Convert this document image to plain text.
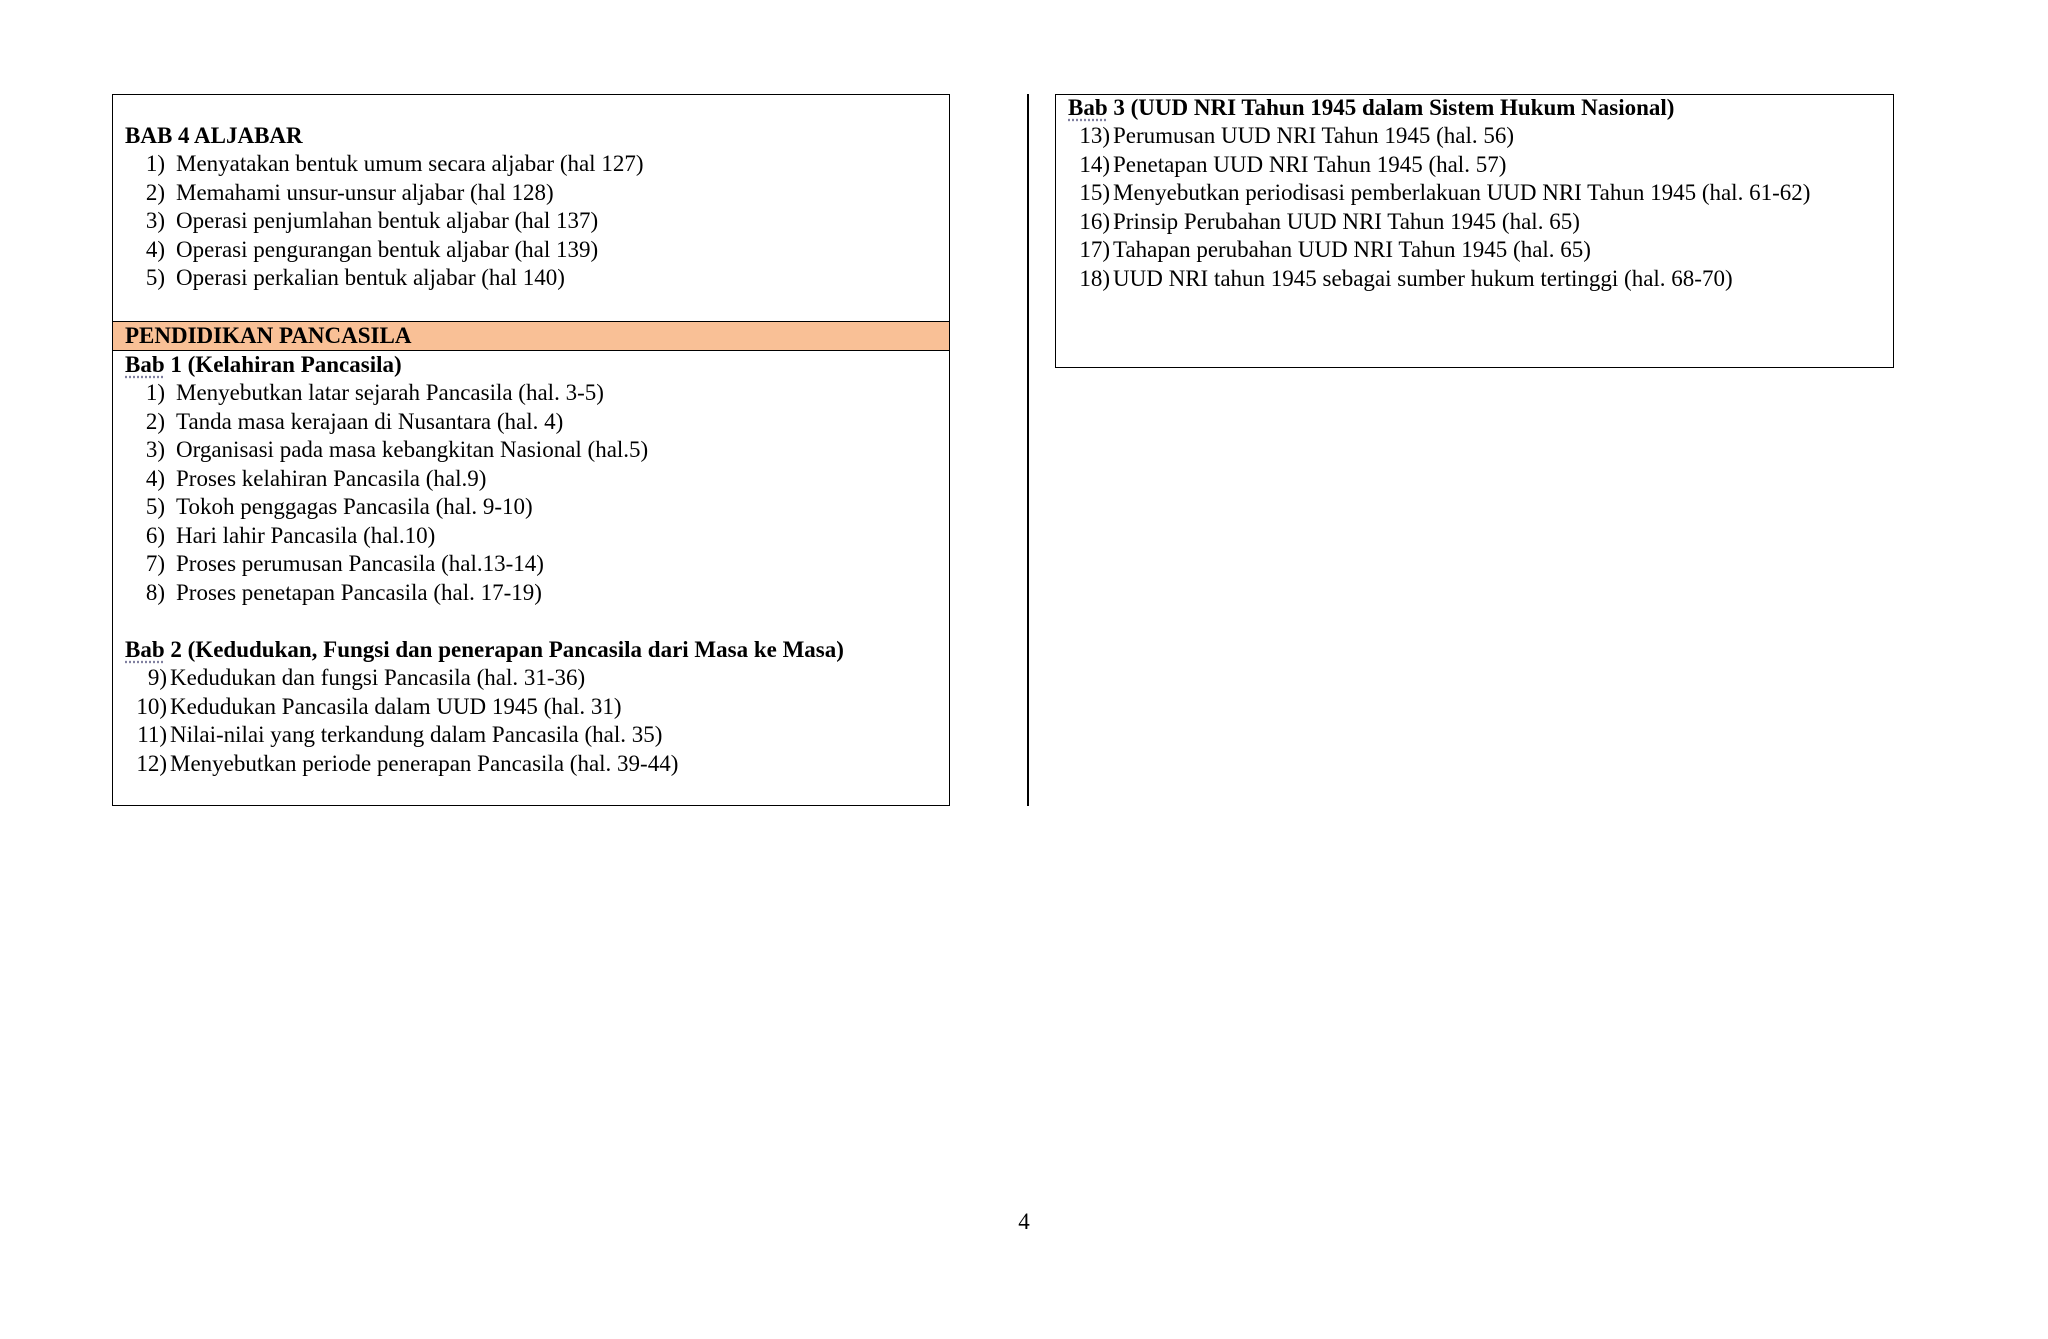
BAB 4 ALJABAR
1) Menyatakan bentuk umum secara aljabar (hal 127)
2) Memahami unsur-unsur aljabar (hal 128)
3) Operasi penjumlahan bentuk aljabar (hal 137)
4) Operasi pengurangan bentuk aljabar (hal 139)
5) Operasi perkalian bentuk aljabar (hal 140)
PENDIDIKAN PANCASILA
Bab 1 (Kelahiran Pancasila)
1) Menyebutkan latar sejarah Pancasila (hal. 3-5)
2) Tanda masa kerajaan di Nusantara (hal. 4)
3) Organisasi pada masa kebangkitan Nasional (hal.5)
4) Proses kelahiran Pancasila (hal.9)
5) Tokoh penggagas Pancasila (hal. 9-10)
6) Hari lahir Pancasila (hal.10)
7) Proses perumusan Pancasila (hal.13-14)
8) Proses penetapan Pancasila (hal. 17-19)
Bab 2 (Kedudukan, Fungsi dan penerapan Pancasila dari Masa ke Masa)
9) Kedudukan dan fungsi Pancasila (hal. 31-36)
10) Kedudukan Pancasila dalam UUD 1945 (hal. 31)
11) Nilai-nilai yang terkandung dalam Pancasila (hal. 35)
12) Menyebutkan periode penerapan Pancasila (hal. 39-44)
Bab 3 (UUD NRI Tahun 1945 dalam Sistem Hukum Nasional)
13) Perumusan UUD NRI Tahun 1945 (hal. 56)
14) Penetapan UUD NRI Tahun 1945 (hal. 57)
15) Menyebutkan periodisasi pemberlakuan UUD NRI Tahun 1945 (hal. 61-62)
16) Prinsip Perubahan UUD NRI Tahun 1945 (hal. 65)
17) Tahapan perubahan UUD NRI Tahun 1945 (hal. 65)
18) UUD NRI tahun 1945 sebagai sumber hukum tertinggi (hal. 68-70)
4
